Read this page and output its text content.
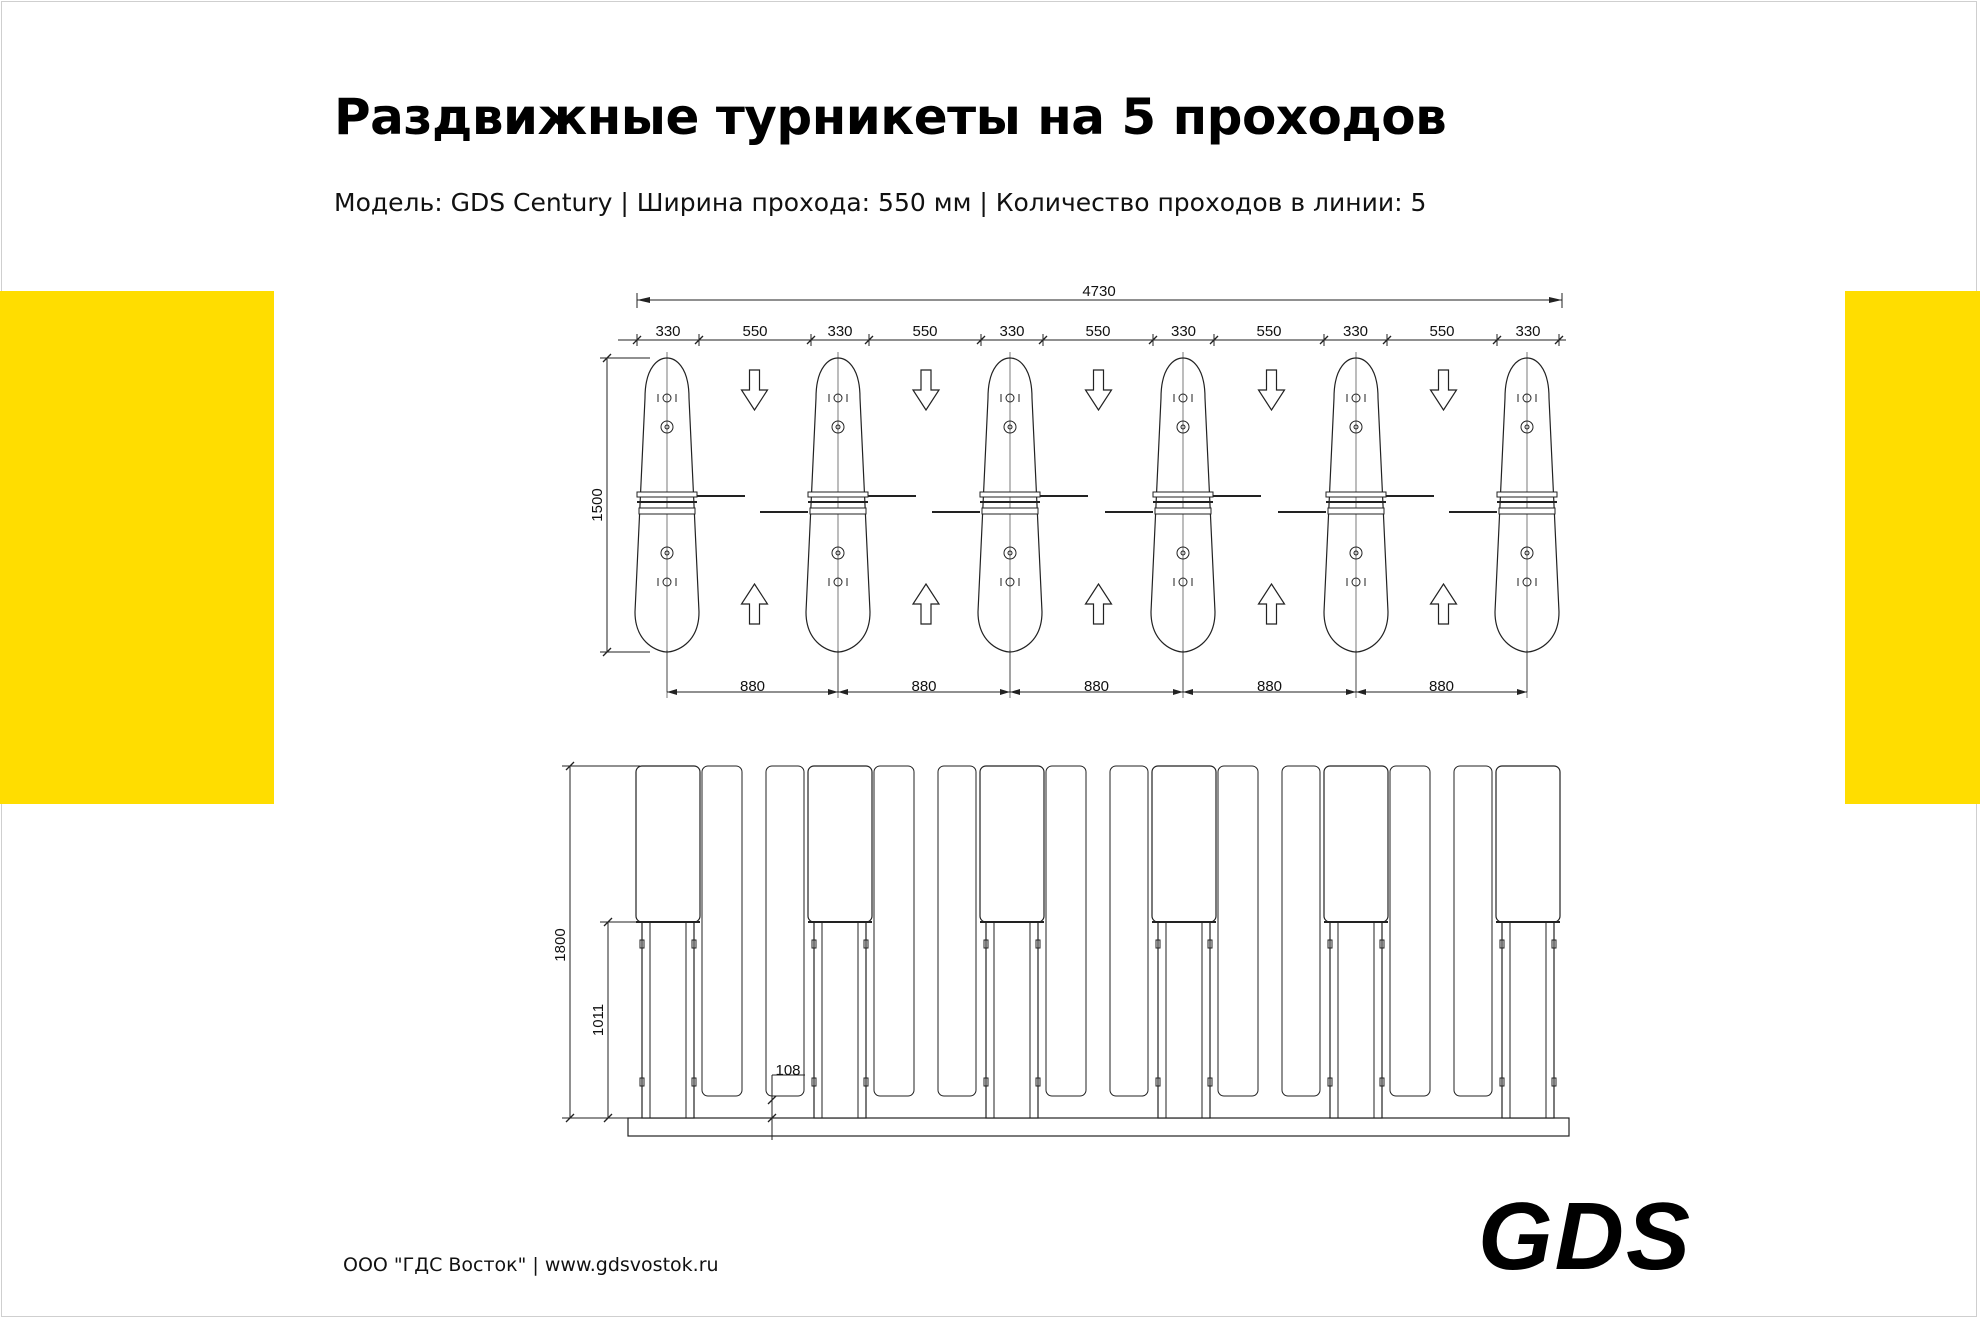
Раздвижные турникеты на 5 проходов
Модель: GDS Century | Ширина прохода: 550 мм | Количество проходов в линии: 5
4730
330	550	330	550	330	550	330	550	330	550	330
1500
880	880	880	880	880
1800
1011
108
ООО "ГДС Восток" | www.gdsvostok.ru	GDS
